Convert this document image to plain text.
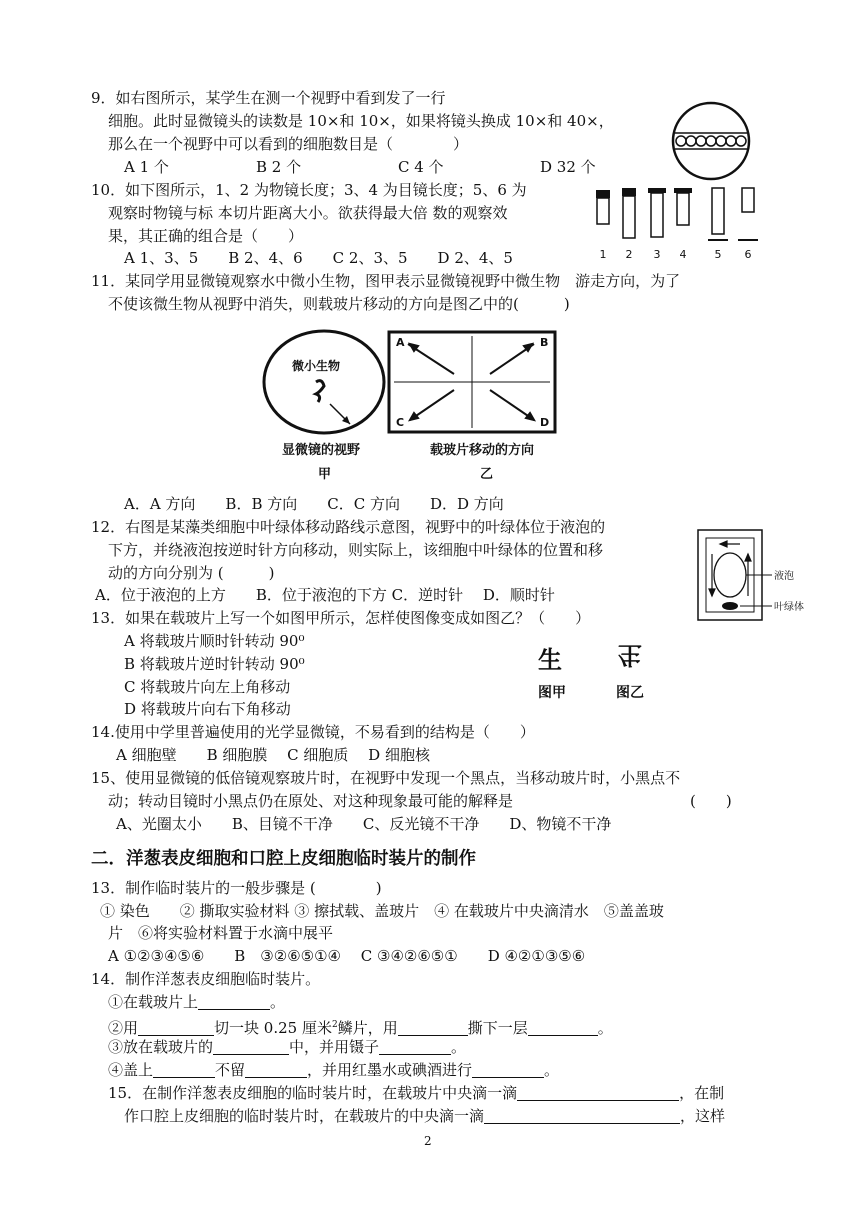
9．如右图所示，某学生在测一个视野中看到发了一行
细胞。此时显微镜头的读数是 10×和 10×，如果将镜头换成 10×和 40×，
那么在一个视野中可以看到的细胞数目是（　　　　）
A 1 个	B 2 个	C 4 个	D 32 个
10．如下图所示，1、2 为物镜长度；3、4 为目镜长度；5、6 为
观察时物镜与标 本切片距离大小。欲获得最大倍 数的观察效
果，其正确的组合是（　　）
A 1、3、5　　B 2、4、6　　C 2、3、5　　D 2、4、5	1 2 3 4	5 6
11．某同学用显微镜观察水中微小生物，图甲表示显微镜视野中微生物　游走方向，为了
不使该微生物从视野中消失，则载玻片移动的方向是图乙中的(　　　)
微小生物
A	B
C	D
显微镜的视野
甲
载玻片移动的方向
乙
A．A 方向　　B．B 方向　　C．C 方向　　D．D 方向
12．右图是某藻类细胞中叶绿体移动路线示意图，视野中的叶绿体位于液泡的
下方，并绕液泡按逆时针方向移动，则实际上，该细胞中叶绿体的位置和移
动的方向分别为 (　　　)
A．位于液泡的上方　　B．位于液泡的下方 C．逆时针　 D．顺时针
液泡
叶绿体
13．如果在载玻片上写一个如图甲所示，怎样使图像变成如图乙？（　　）
A 将载玻片顺时针转动 90⁰
B 将载玻片逆时针转动 90⁰
C 将载玻片向左上角移动
D 将载玻片向右下角移动
生 生
图甲	图乙
14.使用中学里普遍使用的光学显微镜，不易看到的结构是（　　）
A 细胞壁　　B 细胞膜　 C 细胞质　 D 细胞核
15、使用显微镜的低倍镜观察玻片时，在视野中发现一个黑点，当移动玻片时，小黑点不
动；转动目镜时小黑点仍在原处、对这种现象最可能的解释是	(　　)
A、光圈太小　　B、目镜不干净　　C、反光镜不干净　　D、物镜不干净
二．洋葱表皮细胞和口腔上皮细胞临时装片的制作
13．制作临时装片的一般步骤是 (　　　　)
① 染色　　② 撕取实验材料 ③ 擦拭载、盖玻片　④ 在载玻片中央滴清水　⑤盖盖玻
片　⑥将实验材料置于水滴中展平
A ①②③④⑤⑥　　B　③②⑥⑤①④　 C ③④②⑥⑤①　　D ④②①③⑤⑥
14．制作洋葱表皮细胞临时装片。
①在载玻片上	。
②用	切一块 0.25 厘米$^2$鳞片，用	撕下一层	。
③放在载玻片的	中，并用镊子	。
④盖上	不留	，并用红墨水或碘酒进行	。
15．在制作洋葱表皮细胞的临时装片时，在载玻片中央滴一滴	，在制
作口腔上皮细胞的临时装片时，在载玻片的中央滴一滴	，这样
2
